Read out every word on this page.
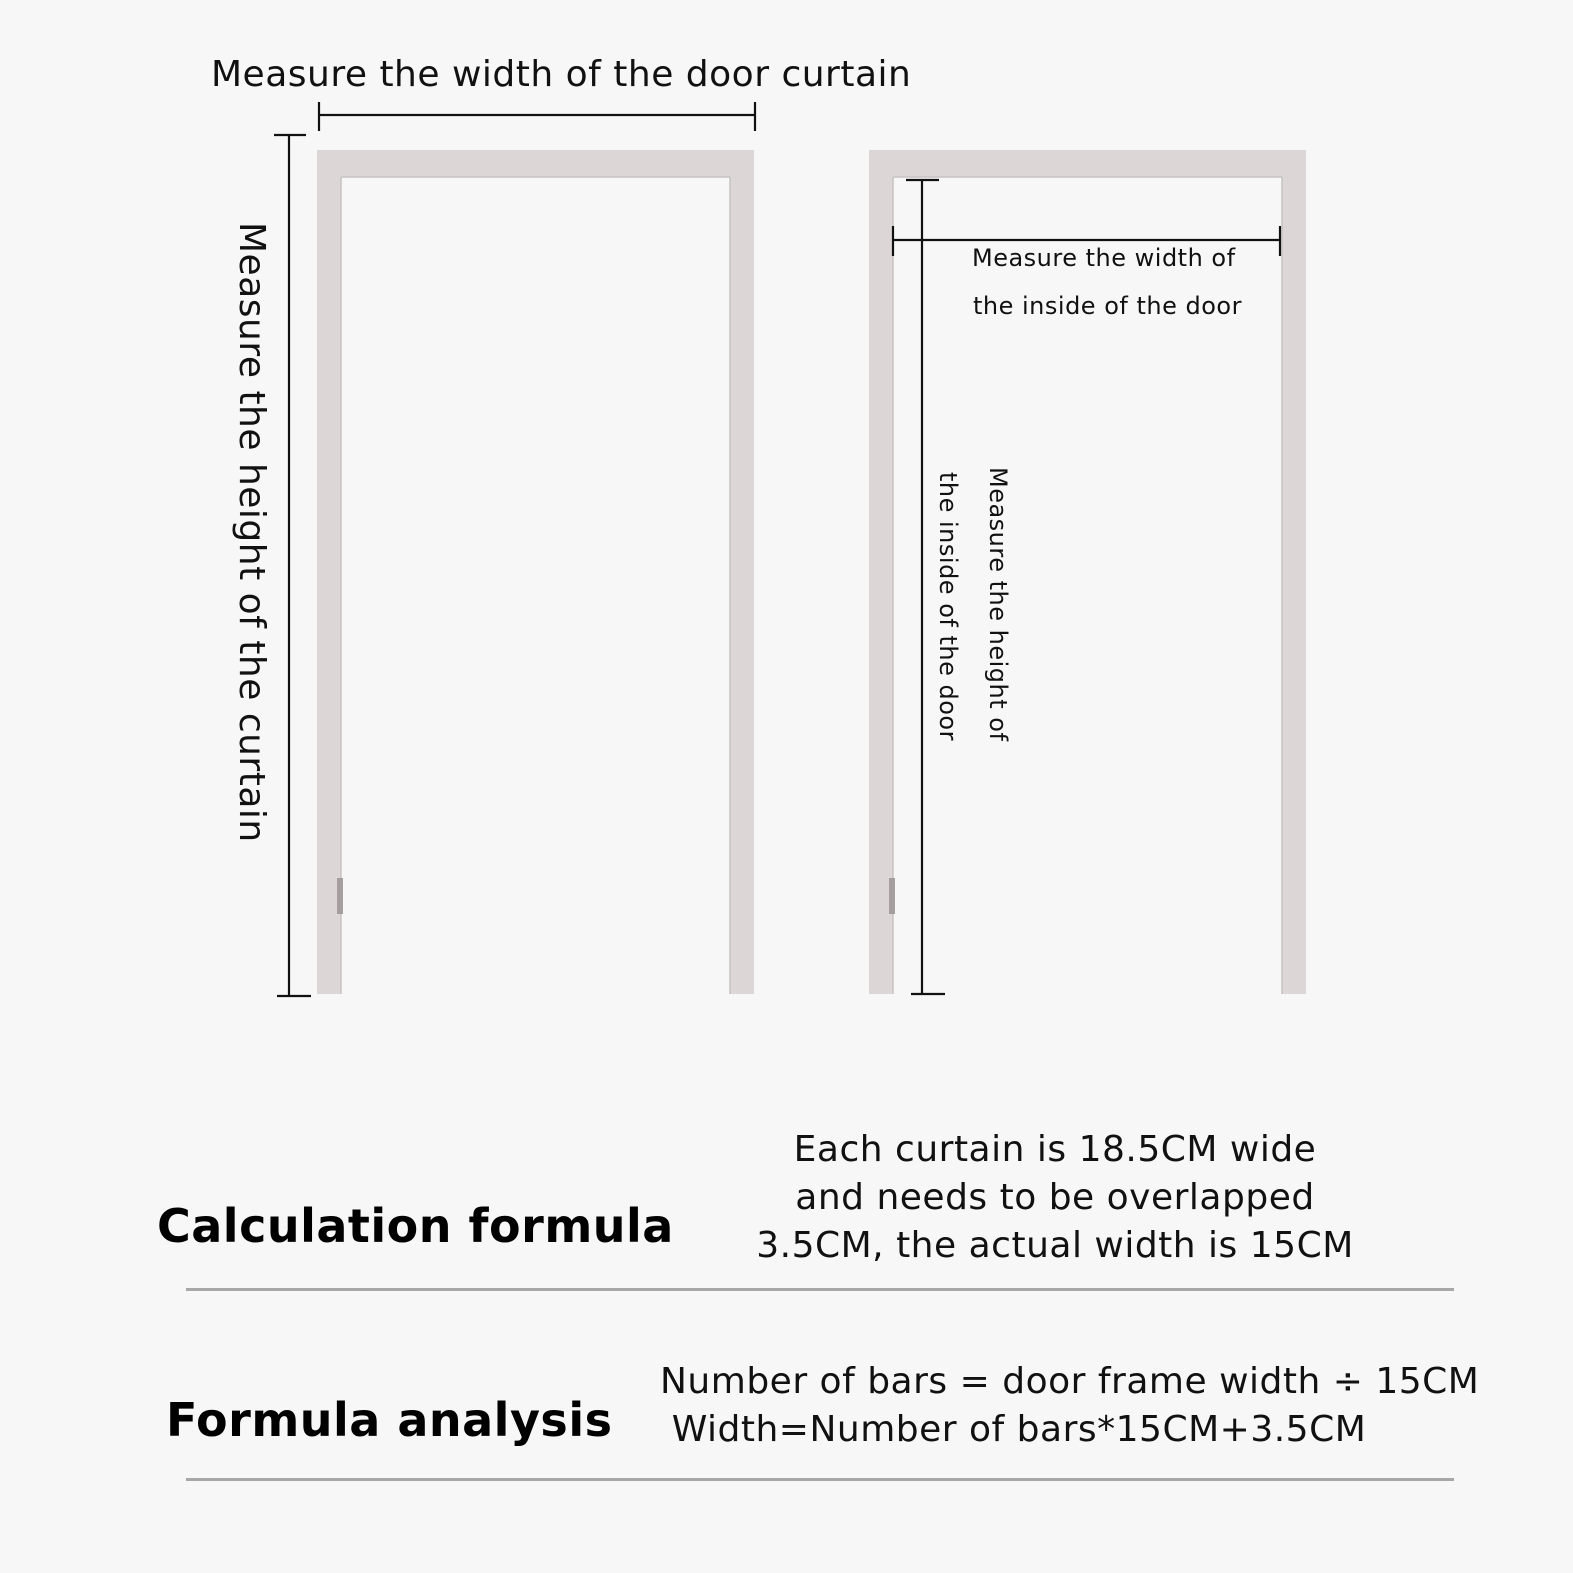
Measure the width of the door curtain
Measure the height of the curtain	Measure the width of
the inside of the door
Measure the height of
the inside of the door
Calculation formula
Each curtain is 18.5CM wide
and needs to be overlapped
3.5CM, the actual width is 15CM
Formula analysis
Number of bars = door frame width ÷ 15CM
Width=Number of bars*15CM+3.5CM
